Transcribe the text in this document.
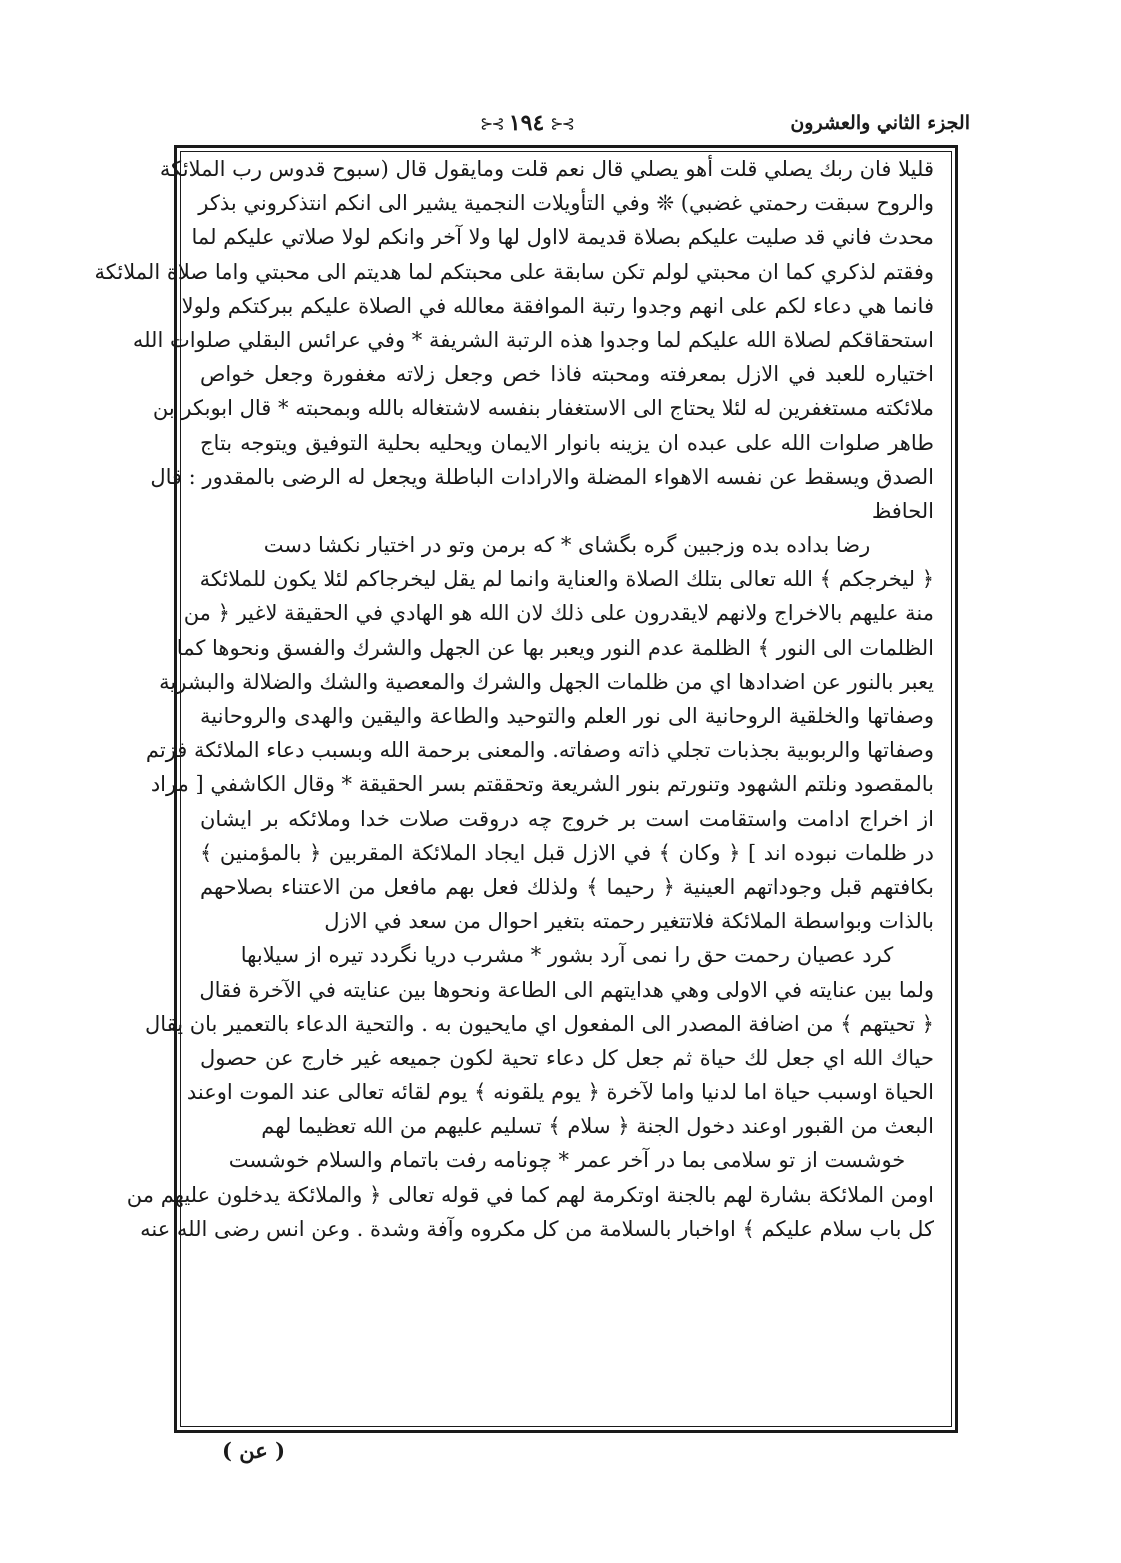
الجزء الثاني والعشرون
⊱⊰ ١٩٤ ⊱⊰
قليلا فان ربك يصلي قلت أهو يصلي قال نعم قلت ومايقول قال (سبوح قدوس رب الملائكة
والروح سبقت رحمتي غضبي) ❊ وفي التأويلات النجمية يشير الى انكم انتذكروني بذكر
محدث فاني قد صليت عليكم بصلاة قديمة لااول لها ولا آخر وانكم لولا صلاتي عليكم لما
وفقتم لذكري كما ان محبتي لولم تكن سابقة على محبتكم لما هديتم الى محبتي واما صلاة الملائكة
فانما هي دعاء لكم على انهم وجدوا رتبة الموافقة معالله في الصلاة عليكم ببركتكم ولولا
استحقاقكم لصلاة الله عليكم لما وجدوا هذه الرتبة الشريفة * وفي عرائس البقلي صلوات الله
اختياره للعبد في الازل بمعرفته ومحبته فاذا خص وجعل زلاته مغفورة وجعل خواص
ملائكته مستغفرين له لئلا يحتاج الى الاستغفار بنفسه لاشتغاله بالله وبمحبته * قال ابوبكر بن
طاهر صلوات الله على عبده ان يزينه بانوار الايمان ويحليه بحلية التوفيق ويتوجه بتاج
الصدق ويسقط عن نفسه الاهواء المضلة والارادات الباطلة ويجعل له الرضى بالمقدور : قال
الحافظ
رضا بداده بده وزجبين گره بگشاى * كه برمن وتو در اختيار نكشا دست
﴿ ليخرجكم ﴾ الله تعالى بتلك الصلاة والعناية وانما لم يقل ليخرجاكم لئلا يكون للملائكة
منة عليهم بالاخراج ولانهم لايقدرون على ذلك لان الله هو الهادي في الحقيقة لاغير ﴿ من
الظلمات الى النور ﴾ الظلمة عدم النور ويعبر بها عن الجهل والشرك والفسق ونحوها كما
يعبر بالنور عن اضدادها اي من ظلمات الجهل والشرك والمعصية والشك والضلالة والبشرية
وصفاتها والخلقية الروحانية الى نور العلم والتوحيد والطاعة واليقين والهدى والروحانية
وصفاتها والربوبية بجذبات تجلي ذاته وصفاته. والمعنى برحمة الله وبسبب دعاء الملائكة فزتم
بالمقصود ونلتم الشهود وتنورتم بنور الشريعة وتحققتم بسر الحقيقة * وقال الكاشفي [ مراد
از اخراج ادامت واستقامت است بر خروج چه دروقت صلات خدا وملائكه بر ايشان
در ظلمات نبوده اند ] ﴿ وكان ﴾ في الازل قبل ايجاد الملائكة المقربين ﴿ بالمؤمنين ﴾
بكافتهم قبل وجوداتهم العينية ﴿ رحيما ﴾ ولذلك فعل بهم مافعل من الاعتناء بصلاحهم
بالذات وبواسطة الملائكة فلاتتغير رحمته بتغير احوال من سعد في الازل
كرد عصيان رحمت حق را نمى آرد بشور * مشرب دريا نگردد تيره از سيلابها
ولما بين عنايته في الاولى وهي هدايتهم الى الطاعة ونحوها بين عنايته في الآخرة فقال
﴿ تحيتهم ﴾ من اضافة المصدر الى المفعول اي مايحيون به . والتحية الدعاء بالتعمير بان يقال
حياك الله اي جعل لك حياة ثم جعل كل دعاء تحية لكون جميعه غير خارج عن حصول
الحياة اوسبب حياة اما لدنيا واما لآخرة ﴿ يوم يلقونه ﴾ يوم لقائه تعالى عند الموت اوعند
البعث من القبور اوعند دخول الجنة ﴿ سلام ﴾ تسليم عليهم من الله تعظيما لهم
خوشست از تو سلامى بما در آخر عمر * چونامه رفت باتمام والسلام خوشست
اومن الملائكة بشارة لهم بالجنة اوتكرمة لهم كما في قوله تعالى ﴿ والملائكة يدخلون عليهم من
كل باب سلام عليكم ﴾ اواخبار بالسلامة من كل مكروه وآفة وشدة . وعن انس رضى الله عنه
( عن )
